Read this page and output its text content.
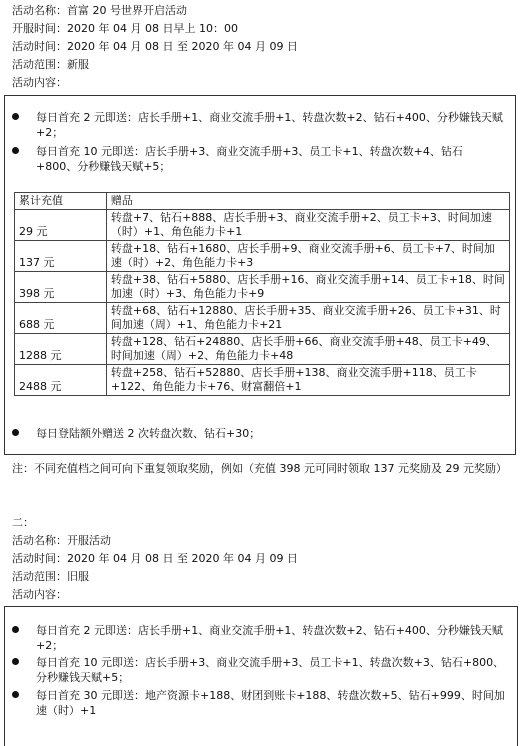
活动名称：首富 20 号世界开启活动
开服时间：2020 年 04 月 08 日早上 10：00
活动时间：2020 年 04 月 08 日 至 2020 年 04 月 09 日
活动范围：新服
活动内容：
每日首充 2 元即送：店长手册+1、商业交流手册+1、转盘次数+2、钻石+400、分秒嫌钱天赋+2；
每日首充 10 元即送：店长手册+3、商业交流手册+3、员工卡+1、转盘次数+4、钻石+800、分秒赚钱天赋+5；
累计充值	赠品
29 元	转盘+7、钻石+888、店长手册+3、商业交流手册+2、员工卡+3、时间加速（时）+1、角色能力卡+1
137 元	转盘+18、钻石+1680、店长手册+9、商业交流手册+6、员工卡+7、时间加速（时）+2、角色能力卡+3
398 元	转盘+38、钻石+5880、店长手册+16、商业交流手册+14、员工卡+18、时间加速（时）+3、角色能力卡+9
688 元	转盘+68、钻石+12880、店长手册+35、商业交流手册+26、员工卡+31、时间加速（周）+1、角色能力卡+21
1288 元	转盘+128、钻石+24880、店长手册+66、商业交流手册+48、员工卡+49、时间加速（周）+2、角色能力卡+48
2488 元	转盘+258、钻石+52880、店长手册+138、商业交流手册+118、员工卡+122、角色能力卡+76、财富翻倍+1
每日登陆额外赠送 2 次转盘次数、钻石+30；
注：不同充值档之间可向下重复领取奖励，例如（充值 398 元可同时领取 137 元奖励及 29 元奖励）
二：
活动名称：开服活动
活动时间：2020 年 04 月 08 日 至 2020 年 04 月 09 日
活动范围：旧服
活动内容：
每日首充 2 元即送：店长手册+1、商业交流手册+1、转盘次数+2、钻石+400、分秒嫌钱天赋+2；
每日首充 10 元即送：店长手册+3、商业交流手册+3、员工卡+1、转盘次数+3、钻石+800、分秒赚钱天赋+5；
每日首充 30 元即送：地产资源卡+188、财团到账卡+188、转盘次数+5、钻石+999、时间加速（时）+1
